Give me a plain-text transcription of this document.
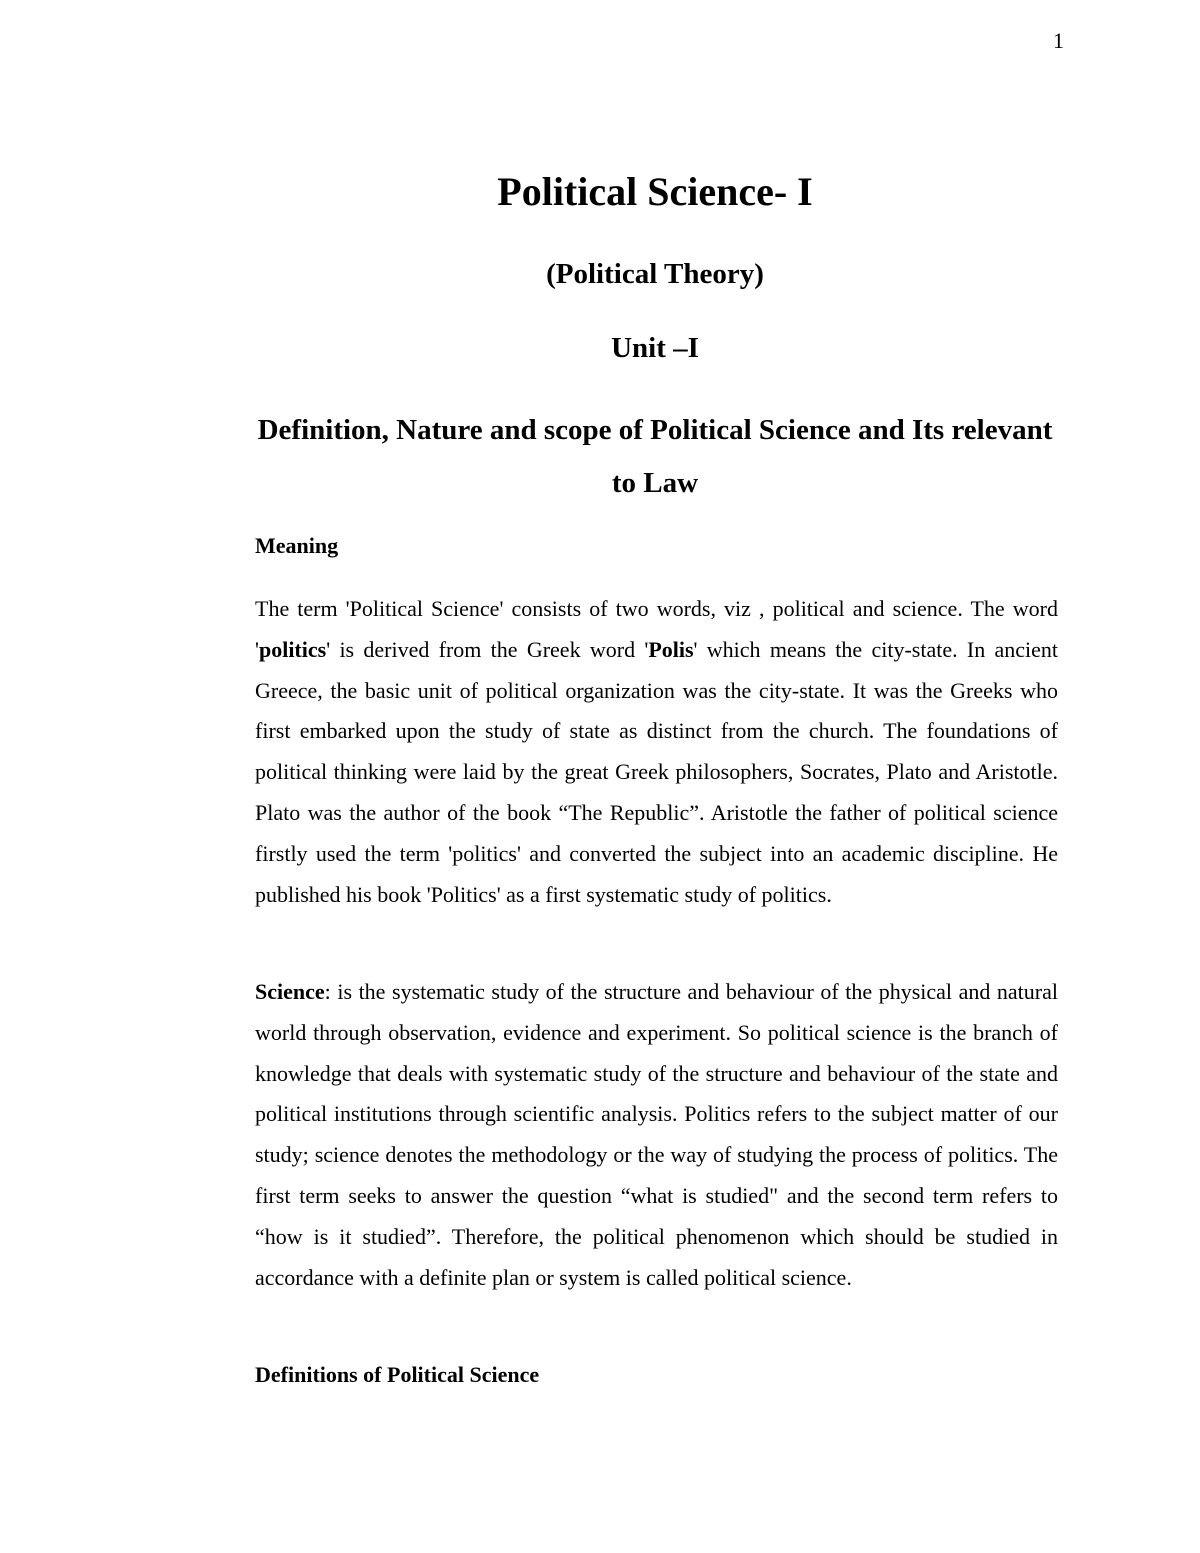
1
Political Science- I
(Political Theory)
Unit –I
Definition, Nature and scope of Political Science and Its relevant to Law
Meaning

The term 'Political Science' consists of two words, viz , political and science. The word 'politics' is derived from the Greek word 'Polis' which means the city-state. In ancient Greece, the basic unit of political organization was the city-state. It was the Greeks who first embarked upon the study of state as distinct from the church. The foundations of political thinking were laid by the great Greek philosophers, Socrates, Plato and Aristotle. Plato was the author of the book “The Republic”. Aristotle the father of political science firstly used the term 'politics' and converted the subject into an academic discipline. He published his book 'Politics' as a first systematic study of politics.

Science: is the systematic study of the structure and behaviour of the physical and natural world through observation, evidence and experiment. So political science is the branch of knowledge that deals with systematic study of the structure and behaviour of the state and political institutions through scientific analysis. Politics refers to the subject matter of our study; science denotes the methodology or the way of studying the process of politics. The first term seeks to answer the question “what is studied" and the second term refers to “how is it studied”. Therefore, the political phenomenon which should be studied in accordance with a definite plan or system is called political science.

Definitions of Political Science
